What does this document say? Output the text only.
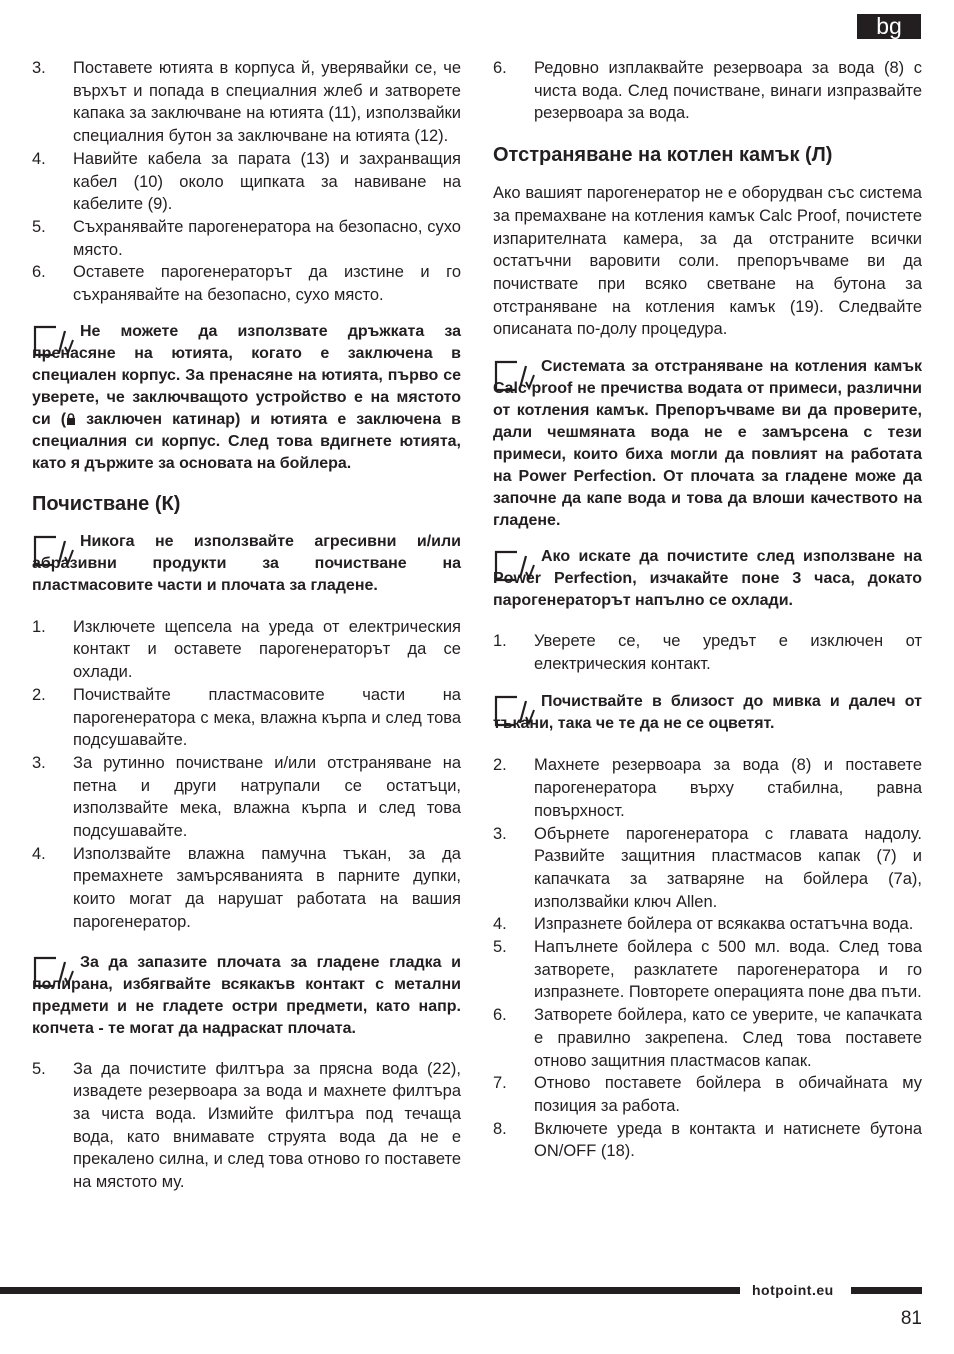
bg
3.	Поставете ютията в корпуса й, уверявайки се, че върхът и попада в специалния жлеб и затворете капака за заключване на ютията (11), използвайки специалния бутон за заключване на ютията (12).
4.	Навийте кабела за парата (13) и захранващия кабел (10) около щипката за навиване на кабелите (9).
5.	Съхранявайте парогенератора на безопасно, сухо място.
6.	Оставете парогенераторът да изстине и го съхранявайте на безопасно, сухо място.

Не можете да използвате дръжката за пренасяне на ютията, когато е заключена в специален корпус. За пренасяне на ютията, първо се уверете, че заключващото устройство е на мястото си ( заключен катинар) и ютията е заключена в специалния си корпус. След това вдигнете ютията, като я държите за основата на бойлера.

Почистване (К)

Никога не използвайте агресивни и/или абразивни продукти за почистване на пластмасовите части и плочата за гладене.

1.	Изключете щепсела на уреда от електрическия контакт и оставете парогенераторът да се охлади.
2.	Почиствайте пластмасовите части на парогенератора с мека, влажна кърпа и след това подсушавайте.
3.	За рутинно почистване и/или отстраняване на петна и други натрупали се остатъци, използвайте мека, влажна кърпа и след това подсушавайте.
4.	Използвайте влажна памучна тъкан, за да премахнете замърсяванията в парните дупки, които могат да нарушат работата на вашия парогенератор.

За да запазите плочата за гладене гладка и полирана, избягвайте всякакъв контакт с метални предмети и не гладете остри предмети, като напр. копчета - те могат да надраскат плочата.

5.	За да почистите филтъра за прясна вода (22), извадете резервоара за вода и махнете филтъра за чиста вода. Измийте филтъра под течаща вода, като внимавате струята вода да не е прекалено силна, и след това отново го поставете на мястото му.
6.	Редовно изплаквайте резервоара за вода (8) с чиста вода. След почистване, винаги изпразвайте резервоара за вода.
Отстраняване на котлен камък (Л)

Ако вашият парогенератор не е оборудван със система за премахване на котления камък Calc Proof, почистете изпарителната камера, за да отстраните всички остатъчни варовити соли. препоръчваме ви да почиствате при всяко светване на бутона за отстраняване на котления камък (19). Следвайте описаната по-долу процедура.

Системата за отстраняване на котления камък Calc proof не пречиства водата от примеси, различни от котления камък. Препоръчваме ви да проверите, дали чешмяната вода не е замърсена с тези примеси, които биха могли да повлият на работата на Power Perfection. От плочата за гладене може да започне да капе вода и това да влоши качеството на гладене.

Ако искате да почистите след използване на Power Perfection, изчакайте поне 3 часа, докато парогенераторът напълно се охлади.

1.	Уверете се, че уредът е изключен от електрическия контакт.

Почиствайте в близост до мивка и далеч от тъкани, така че те да не се оцветят.

2.	Махнете резервоара за вода (8) и поставете парогенератора върху стабилна, равна повърхност.
3.	Обърнете парогенератора с главата надолу. Развийте защитния пластмасов капак (7) и капачката за затваряне на бойлера (7а), използвайки ключ Allen.
4.	Изпразнете бойлера от всякаква остатъчна вода.
5.	Напълнете бойлера с 500 мл. вода. След това затворете, разклатете парогенератора и го изпразнете. Повторете операцията поне два пъти.
6.	Затворете бойлера, като се уверите, че капачката е правилно закрепена. След това поставете отново защитния пластмасов капак.
7.	Отново поставете бойлера в обичайната му позиция за работа.
8.	Включете уреда в контакта и натиснете бутона ON/OFF (18).
hotpoint.eu
81
